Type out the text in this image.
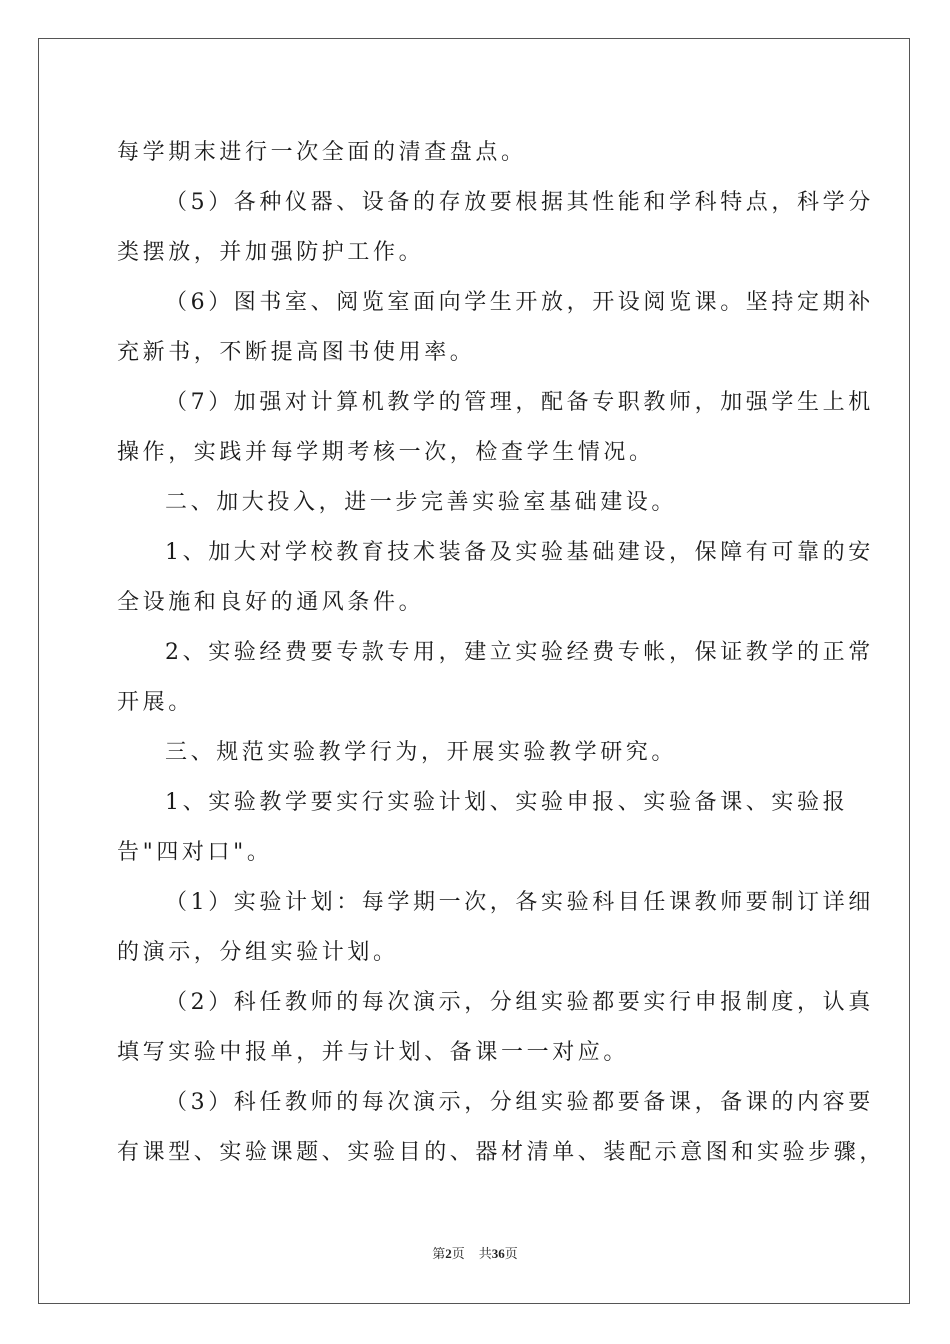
每学期末进行一次全面的清查盘点。
（5）各种仪器、设备的存放要根据其性能和学科特点，科学分
类摆放，并加强防护工作。
（6）图书室、阅览室面向学生开放，开设阅览课。坚持定期补
充新书，不断提高图书使用率。
（7）加强对计算机教学的管理，配备专职教师，加强学生上机
操作，实践并每学期考核一次，检查学生情况。
二、加大投入，进一步完善实验室基础建设。
1、加大对学校教育技术装备及实验基础建设，保障有可靠的安
全设施和良好的通风条件。
2、实验经费要专款专用，建立实验经费专帐，保证教学的正常
开展。
三、规范实验教学行为，开展实验教学研究。
1、实验教学要实行实验计划、实验申报、实验备课、实验报
告"四对口"。
（1）实验计划：每学期一次，各实验科目任课教师要制订详细
的演示，分组实验计划。
（2）科任教师的每次演示，分组实验都要实行申报制度，认真
填写实验中报单，并与计划、备课一一对应。
（3）科任教师的每次演示，分组实验都要备课，备课的内容要
有课型、实验课题、实验目的、器材清单、装配示意图和实验步骤，
第2页 共36页
